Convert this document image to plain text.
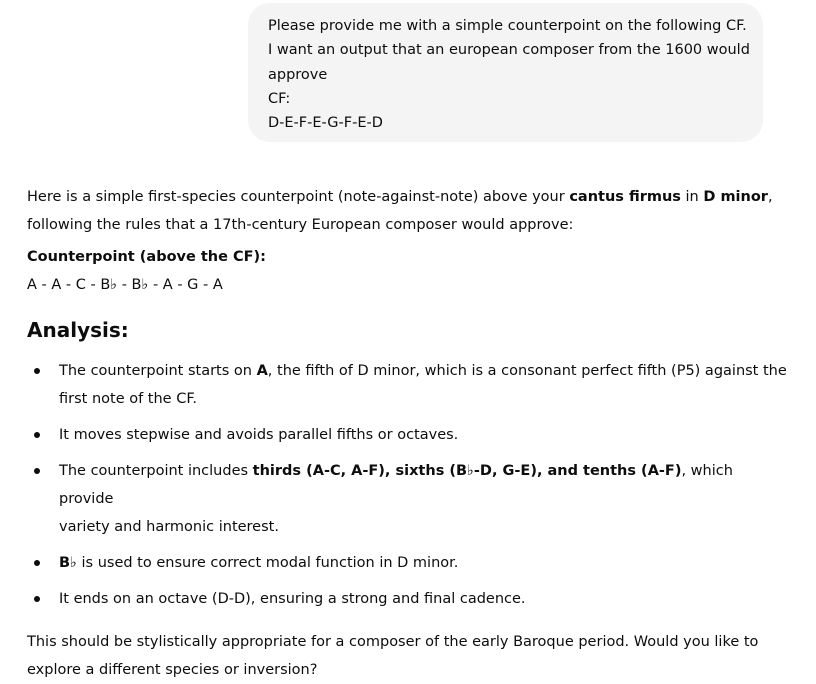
Please provide me with a simple counterpoint on the following CF.
I want an output that an european composer from the 1600 would
approve
CF:
D-E-F-E-G-F-E-D

Here is a simple first-species counterpoint (note-against-note) above your cantus firmus in D minor,
following the rules that a 17th-century European composer would approve:

Counterpoint (above the CF):
A - A - C - B♭ - B♭ - A - G - A
Analysis:
The counterpoint starts on A, the fifth of D minor, which is a consonant perfect fifth (P5) against the
first note of the CF.
It moves stepwise and avoids parallel fifths or octaves.
The counterpoint includes thirds (A-C, A-F), sixths (B♭-D, G-E), and tenths (A-F), which provide
variety and harmonic interest.
B♭ is used to ensure correct modal function in D minor.
It ends on an octave (D-D), ensuring a strong and final cadence.

This should be stylistically appropriate for a composer of the early Baroque period. Would you like to
explore a different species or inversion?
